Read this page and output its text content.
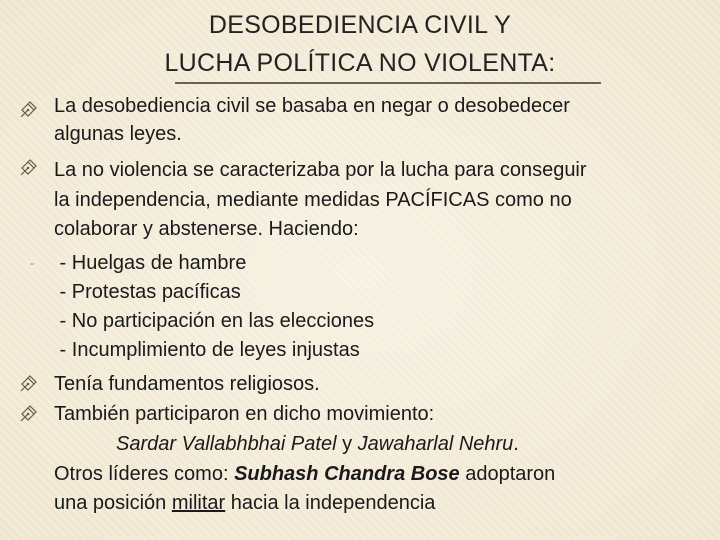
DESOBEDIENCIA CIVIL Y
LUCHA POLÍTICA NO VIOLENTA:
-
La desobediencia civil se basaba en negar o desobedecer
algunas leyes.
La no violencia se caracterizaba por la lucha para conseguir
la independencia, mediante medidas PACÍFICAS como no
colaborar y abstenerse. Haciendo:
- Huelgas de hambre
- Protestas pacíficas
- No participación en las elecciones
- Incumplimiento de leyes injustas
Tenía fundamentos religiosos.
También participaron en dicho movimiento:
Sardar Vallabhbhai Patel y Jawaharlal Nehru.
Otros líderes como: Subhash Chandra Bose adoptaron
una posición militar hacia la independencia
